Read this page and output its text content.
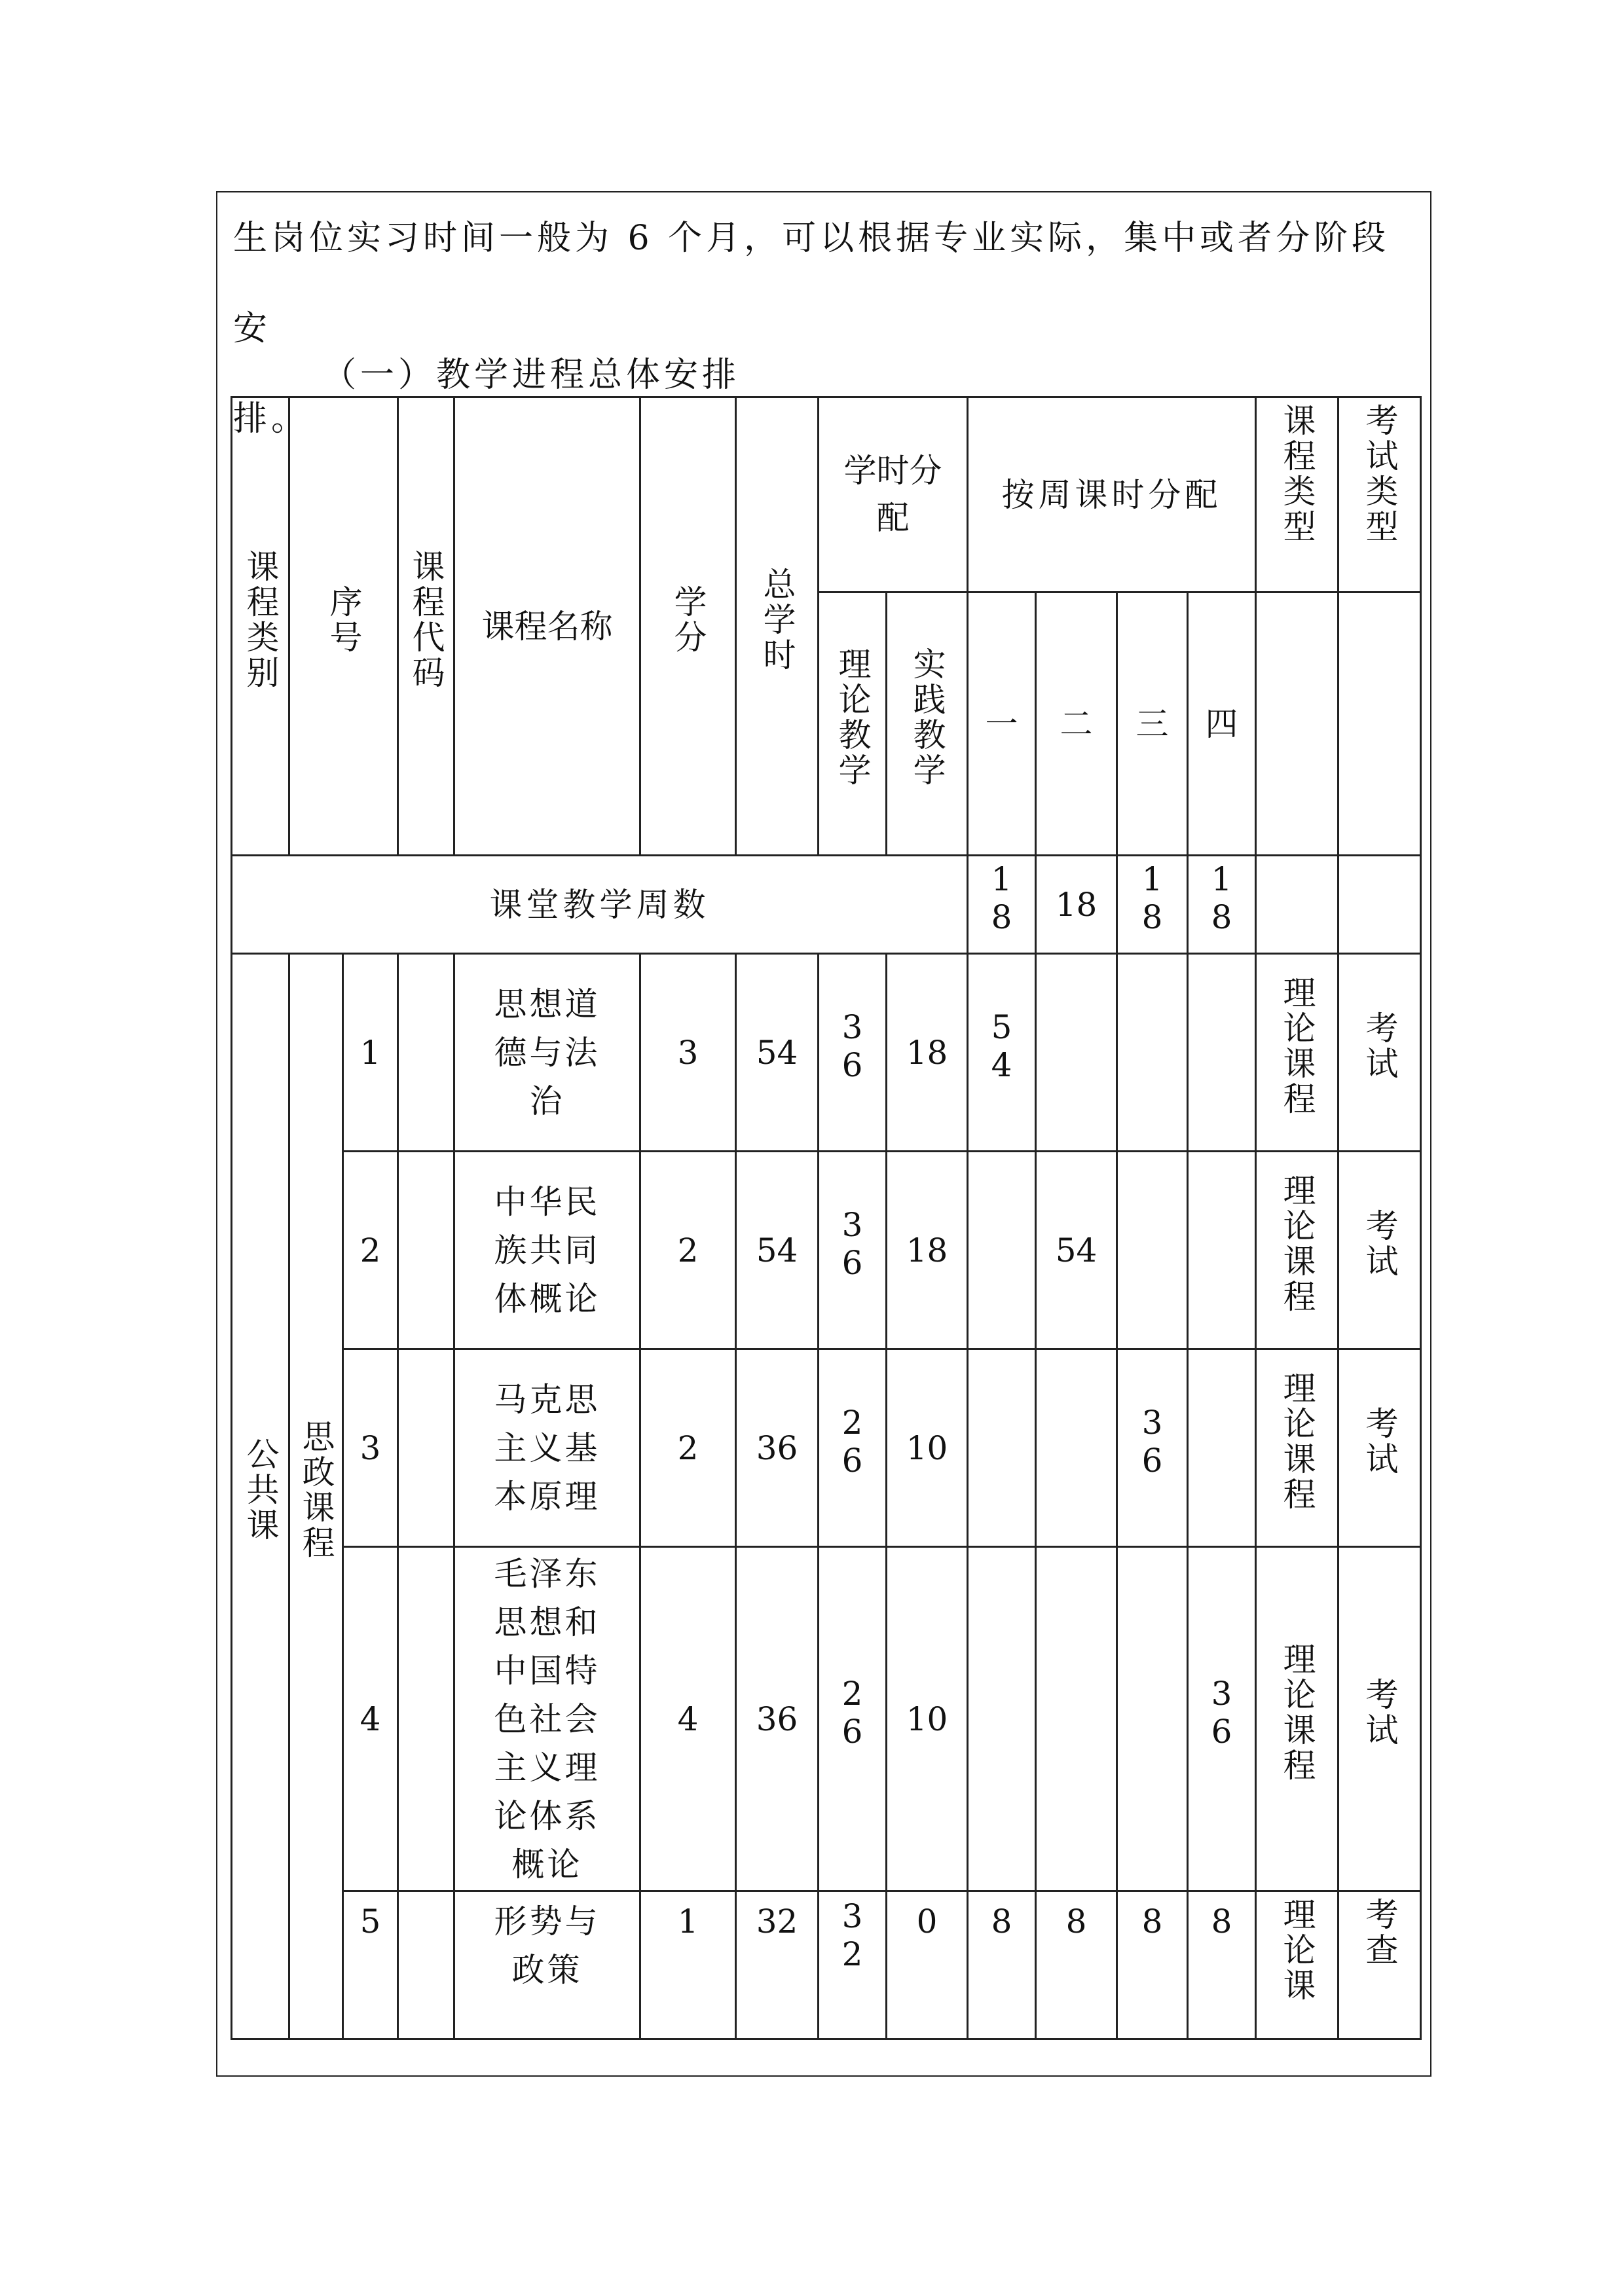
生岗位实习时间一般为 6 个月，可以根据专业实际，集中或者分阶段安
排。
（一）教学进程总体安排
课程类别	序号		课程代码	课程名称	学分	总学时	学时分配		按周课时分配				课程类型	考试类型
							理论教学	实践教学	一	二	三	四		
课堂教学周数									18	18	18	18		
公共课	思政课程	1		思想道德与法治	3	54	36	18	54				理论课程	考试
		2		中华民族共同体概论	2	54	36	18		54			理论课程	考试
		3		马克思主义基本原理	2	36	26	10			36		理论课程	考试
		4		毛泽东思想和中国特色社会主义理论体系概论	4	36	26	10				36	理论课程	考试
		5		形势与政策	1	32	32	0	8	8	8	8	理论课	考查
